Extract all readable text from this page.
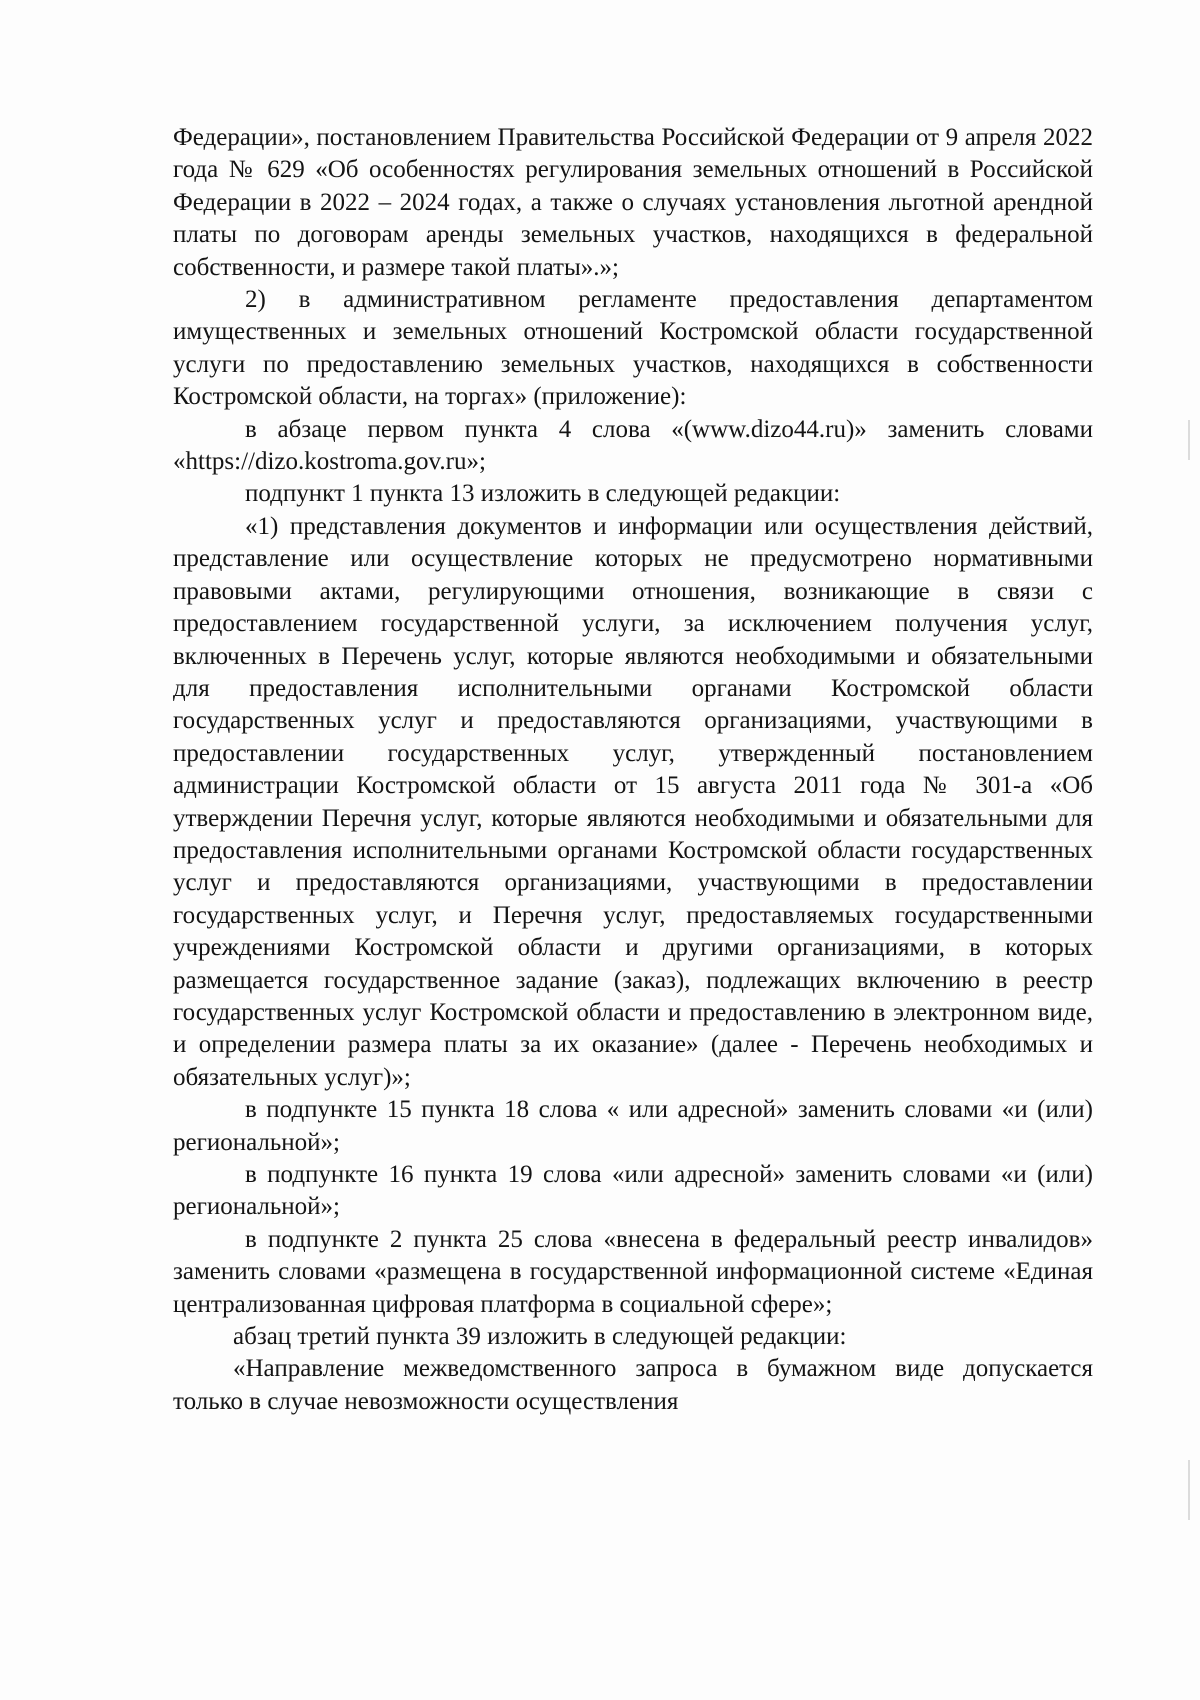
Федерации», постановлением Правительства Российской Федерации от 9 апреля 2022 года № 629 «Об особенностях регулирования земельных отношений в Российской Федерации в 2022 – 2024 годах, а также о случаях установления льготной арендной платы по договорам аренды земельных участков, находящихся в федеральной собственности, и размере такой платы».»;

2) в административном регламенте предоставления департаментом имущественных и земельных отношений Костромской области государственной услуги по предоставлению земельных участков, находящихся в собственности Костромской области, на торгах» (приложение):

в абзаце первом пункта 4 слова «(www.dizo44.ru)» заменить словами «https://dizo.kostroma.gov.ru»;

подпункт 1 пункта 13 изложить в следующей редакции:

«1) представления документов и информации или осуществления действий, представление или осуществление которых не предусмотрено нормативными правовыми актами, регулирующими отношения, возникающие в связи с предоставлением государственной услуги, за исключением получения услуг, включенных в Перечень услуг, которые являются необходимыми и обязательными для предоставления исполнительными органами Костромской области государственных услуг и предоставляются организациями, участвующими в предоставлении государственных услуг, утвержденный постановлением администрации Костромской области от 15 августа 2011 года № 301-а «Об утверждении Перечня услуг, которые являются необходимыми и обязательными для предоставления исполнительными органами Костромской области государственных услуг и предоставляются организациями, участвующими в предоставлении государственных услуг, и Перечня услуг, предоставляемых государственными учреждениями Костромской области и другими организациями, в которых размещается государственное задание (заказ), подлежащих включению в реестр государственных услуг Костромской области и предоставлению в электронном виде, и определении размера платы за их оказание» (далее - Перечень необходимых и обязательных услуг)»;

в подпункте 15 пункта 18 слова « или адресной» заменить словами «и (или) региональной»;

в подпункте 16 пункта 19 слова «или адресной» заменить словами «и (или) региональной»;

в подпункте 2 пункта 25 слова «внесена в федеральный реестр инвалидов» заменить словами «размещена в государственной информационной системе «Единая централизованная цифровая платформа в социальной сфере»;

абзац третий пункта 39 изложить в следующей редакции:

«Направление межведомственного запроса в бумажном виде допускается только в случае невозможности осуществления
